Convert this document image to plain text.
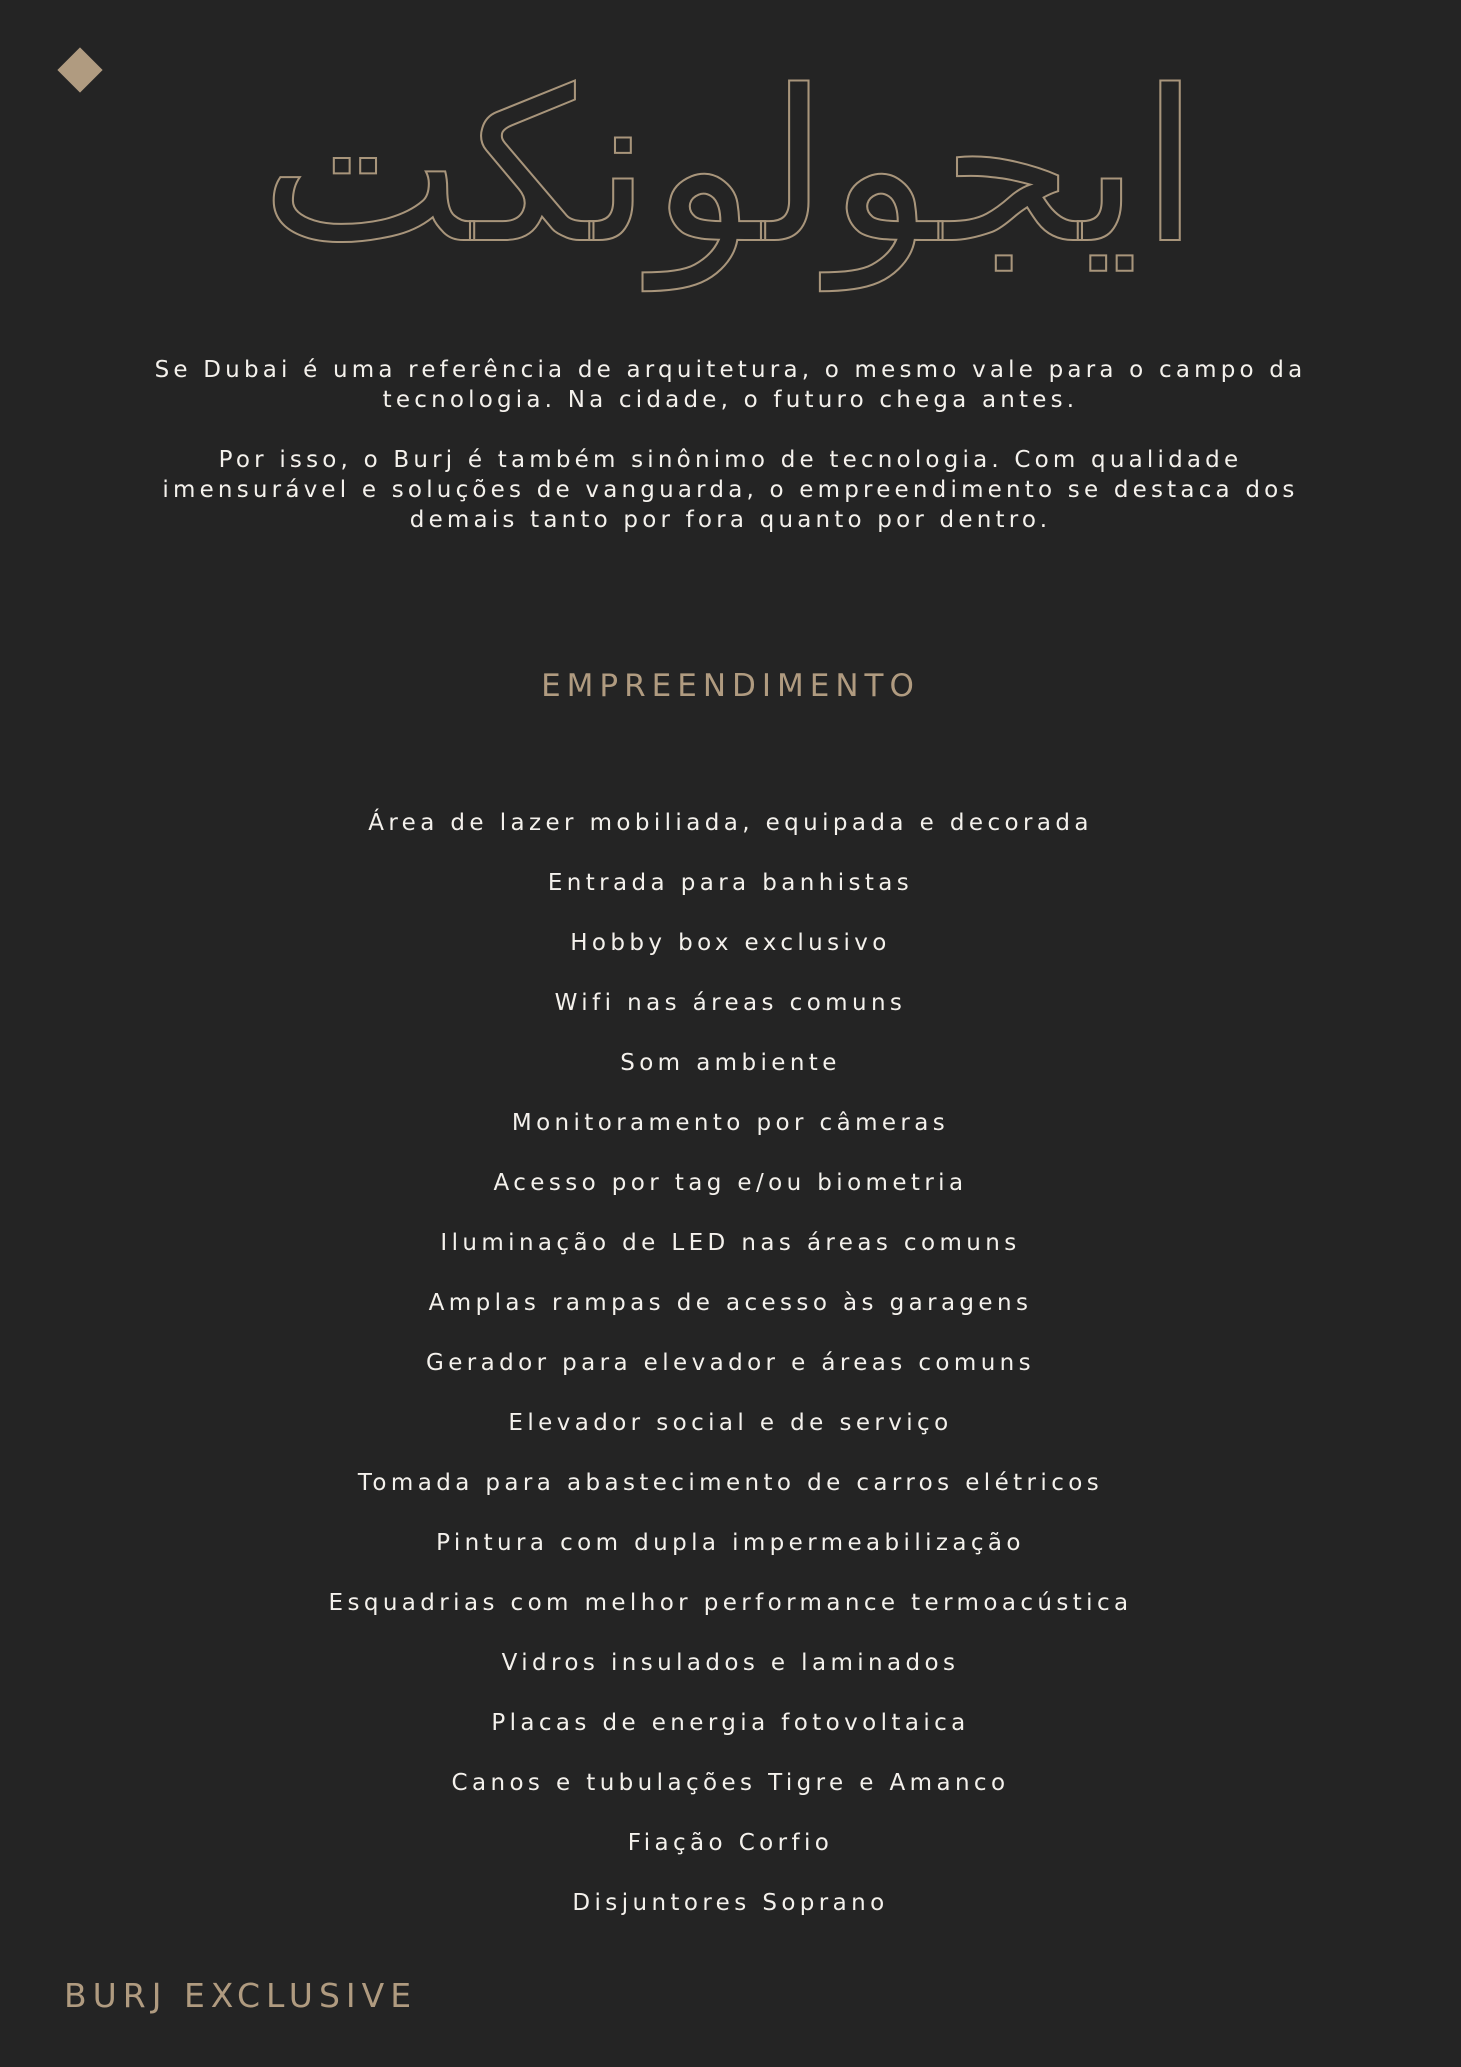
ايجولونكت

Se Dubai é uma referência de arquitetura, o mesmo vale para o campo da tecnologia. Na cidade, o futuro chega antes.

Por isso, o Burj é também sinônimo de tecnologia. Com qualidade imensurável e soluções de vanguarda, o empreendimento se destaca dos demais tanto por fora quanto por dentro.

EMPREENDIMENTO
Área de lazer mobiliada, equipada e decorada
Entrada para banhistas
Hobby box exclusivo
Wifi nas áreas comuns
Som ambiente
Monitoramento por câmeras
Acesso por tag e/ou biometria
Iluminação de LED nas áreas comuns
Amplas rampas de acesso às garagens
Gerador para elevador e áreas comuns
Elevador social e de serviço
Tomada para abastecimento de carros elétricos
Pintura com dupla impermeabilização
Esquadrias com melhor performance termoacústica
Vidros insulados e laminados
Placas de energia fotovoltaica
Canos e tubulações Tigre e Amanco
Fiação Corfio
Disjuntores Soprano
BURJ EXCLUSIVE
